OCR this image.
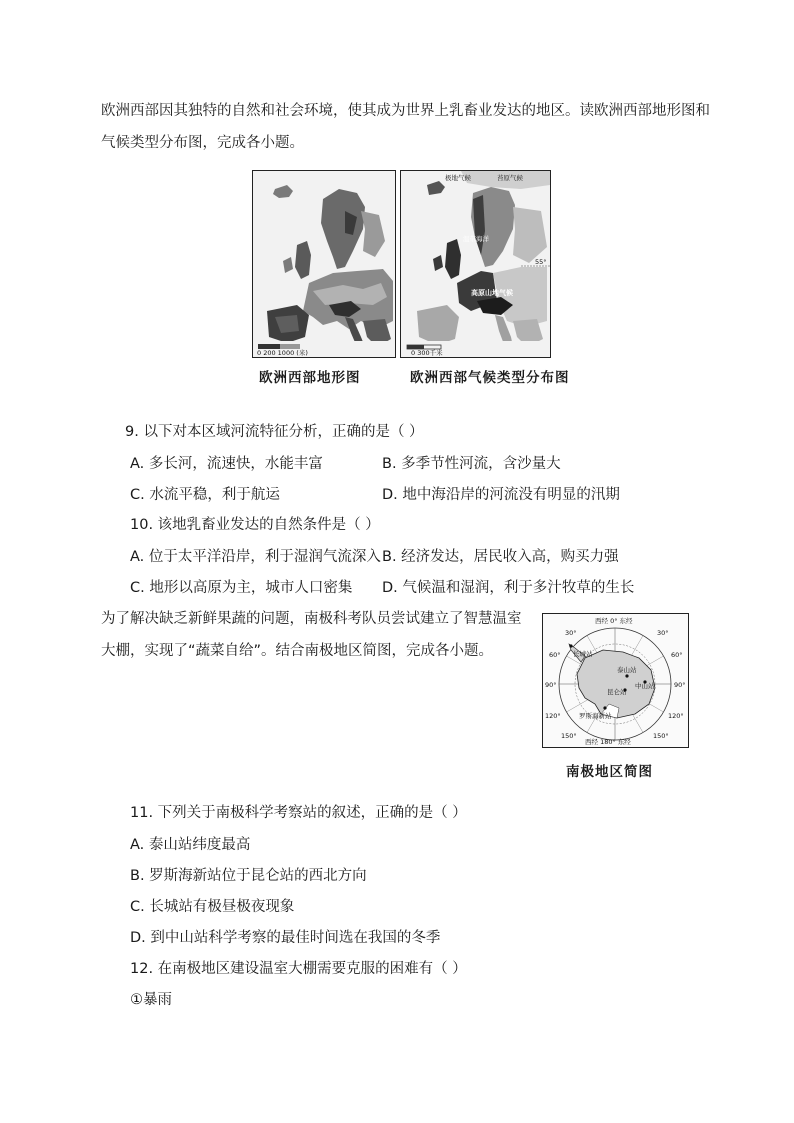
欧洲西部因其独特的自然和社会环境，使其成为世界上乳畜业发达的地区。读欧洲西部地形图和
气候类型分布图，完成各小题。
0 200 1000 (米)
55°
极地气候	苔原气候
温带海洋
高原山地气候
0 300千米
欧洲西部地形图	欧洲西部气候类型分布图
9. 以下对本区域河流特征分析，正确的是（ ）
A. 多长河，流速快，水能丰富	B. 多季节性河流，含沙量大
C. 水流平稳，利于航运	D. 地中海沿岸的河流没有明显的汛期
10. 该地乳畜业发达的自然条件是（ ）
A. 位于太平洋沿岸，利于湿润气流深入 B. 经济发达，居民收入高，购买力强
C. 地形以高原为主，城市人口密集 D. 气候温和湿润，利于多汁牧草的生长
为了解决缺乏新鲜果蔬的问题，南极科考队员尝试建立了智慧温室
大棚，实现了“蔬菜自给”。结合南极地区简图，完成各小题。	长城站
泰山站
中山站
昆仑站
罗斯海新站
西经 0° 东经
西经 180° 东经
90°	90°
30°	30°
60°	60°
120°	120°
150°	150°
南极地区简图
11. 下列关于南极科学考察站的叙述，正确的是（ ）
A. 泰山站纬度最高
B. 罗斯海新站位于昆仑站的西北方向
C. 长城站有极昼极夜现象
D. 到中山站科学考察的最佳时间选在我国的冬季
12. 在南极地区建设温室大棚需要克服的困难有（ ）
①暴雨
